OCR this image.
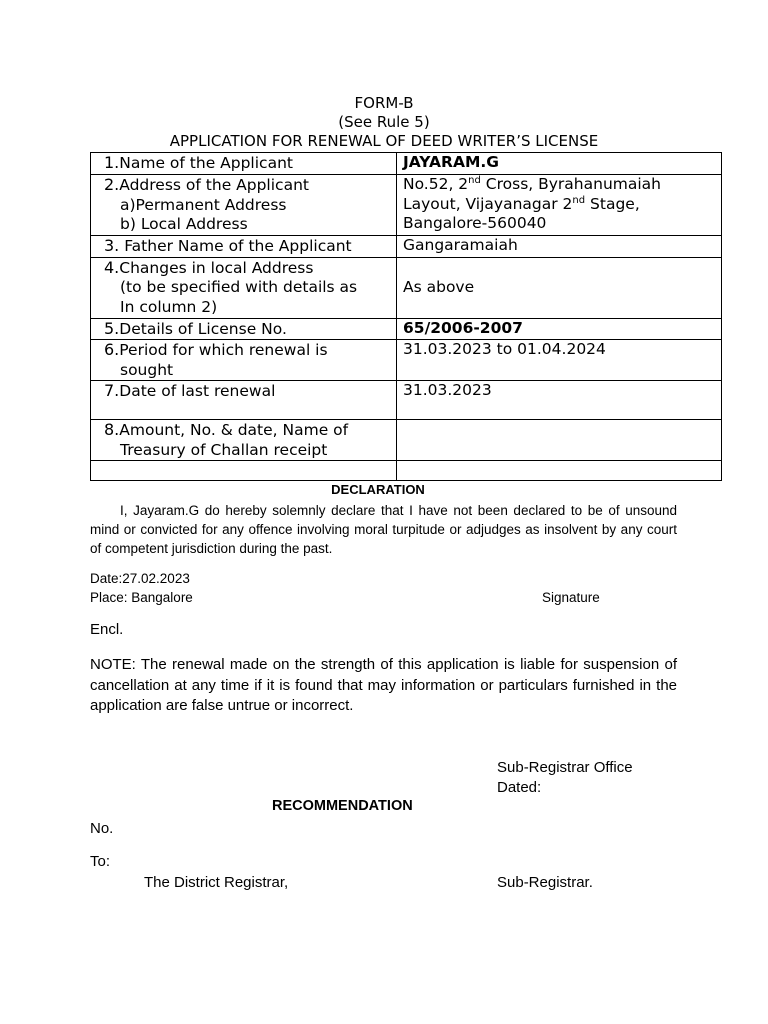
FORM-B
(See Rule 5)
APPLICATION FOR RENEWAL OF DEED WRITER’S LICENSE
1.Name of the Applicant	JAYARAM.G
2.Address of the Applicant
a)Permanent Address
b) Local Address	No.52, 2nd Cross, Byrahanumaiah Layout, Vijayanagar 2nd Stage, Bangalore-560040
3. Father Name of the Applicant	Gangaramaiah
4.Changes in local Address
(to be specified with details as
In column 2)	As above
5.Details of License No.	65/2006-2007
6.Period for which renewal is
sought	31.03.2023 to 01.04.2024
7.Date of last renewal	31.03.2023
8.Amount, No. & date, Name of
Treasury of Challan receipt	

DECLARATION
I, Jayaram.G do hereby solemnly declare that I have not been declared to be of unsound mind or convicted for any offence involving moral turpitude or adjudges as insolvent by any court of competent jurisdiction during the past.
Date:27.02.2023
Place: Bangalore	Signature
Encl.
NOTE: The renewal made on the strength of this application is liable for suspension of cancellation at any time if it is found that may information or particulars furnished in the application are false untrue or incorrect.
Sub-Registrar Office
Dated:
RECOMMENDATION
No.
To:
The District Registrar,	Sub-Registrar.
